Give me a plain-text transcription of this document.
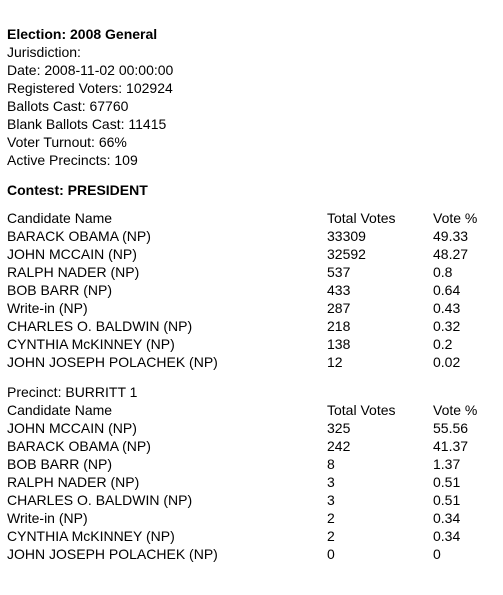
Election: 2008 General
Jurisdiction:
Date: 2008-11-02 00:00:00
Registered Voters: 102924
Ballots Cast: 67760
Blank Ballots Cast: 11415
Voter Turnout: 66%
Active Precincts: 109
Contest: PRESIDENT
Candidate Name	Total Votes	Vote %
BARACK OBAMA (NP)	33309	49.33
JOHN MCCAIN (NP)	32592	48.27
RALPH NADER (NP)	537	0.8
BOB BARR (NP)	433	0.64
Write-in (NP)	287	0.43
CHARLES O. BALDWIN (NP)	218	0.32
CYNTHIA McKINNEY (NP)	138	0.2
JOHN JOSEPH POLACHEK (NP)	12	0.02
Precinct: BURRITT 1
Candidate Name	Total Votes	Vote %
JOHN MCCAIN (NP)	325	55.56
BARACK OBAMA (NP)	242	41.37
BOB BARR (NP)	8	1.37
RALPH NADER (NP)	3	0.51
CHARLES O. BALDWIN (NP)	3	0.51
Write-in (NP)	2	0.34
CYNTHIA McKINNEY (NP)	2	0.34
JOHN JOSEPH POLACHEK (NP)	0	0
